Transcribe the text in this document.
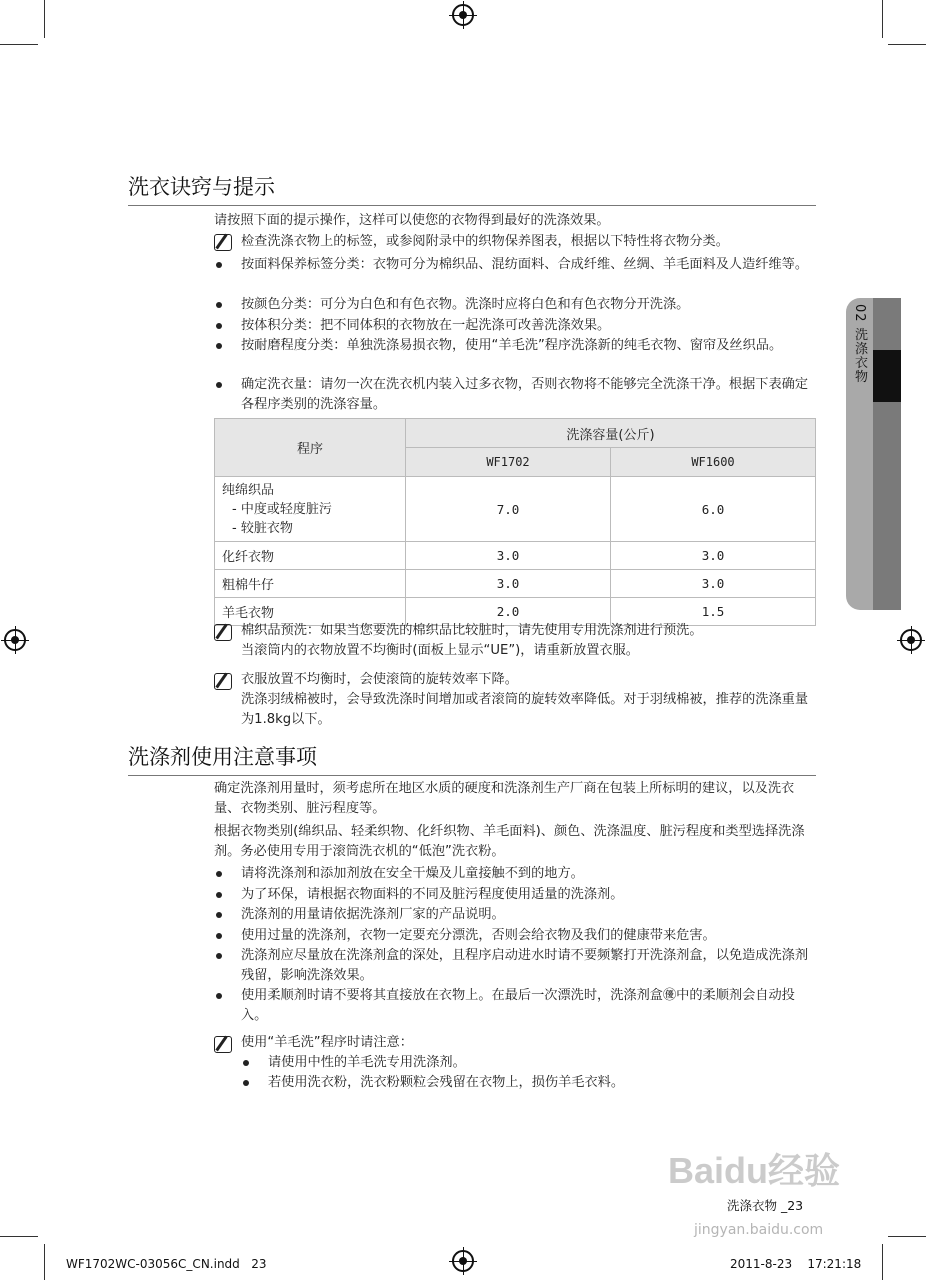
02 洗涤衣物
洗衣诀窍与提示
请按照下面的提示操作，这样可以使您的衣物得到最好的洗涤效果。
检查洗涤衣物上的标签，或参阅附录中的织物保养图表，根据以下特性将衣物分类。
按面料保养标签分类：衣物可分为棉织品、混纺面料、合成纤维、丝绸、羊毛面料及人造纤维等。
按颜色分类：可分为白色和有色衣物。洗涤时应将白色和有色衣物分开洗涤。
按体积分类：把不同体积的衣物放在一起洗涤可改善洗涤效果。
按耐磨程度分类：单独洗涤易损衣物，使用“羊毛洗”程序洗涤新的纯毛衣物、窗帘及丝织品。
确定洗衣量：请勿一次在洗衣机内装入过多衣物，否则衣物将不能够完全洗涤干净。根据下表确定各程序类别的洗涤容量。
程序	洗涤容量(公斤)	
	WF1702	WF1600

纯绵织品
- 中度或轻度脏污
- 较脏衣物	7.0	6.0
化纤衣物	3.0	3.0
粗棉牛仔	3.0	3.0
羊毛衣物	2.0	1.5
棉织品预洗：如果当您要洗的棉织品比较脏时，请先使用专用洗涤剂进行预洗。
当滚筒内的衣物放置不均衡时(面板上显示“UE”)，请重新放置衣服。
衣服放置不均衡时，会使滚筒的旋转效率下降。
洗涤羽绒棉被时，会导致洗涤时间增加或者滚筒的旋转效率降低。对于羽绒棉被，推荐的洗涤重量为1.8kg以下。
洗涤剂使用注意事项
确定洗涤剂用量时，须考虑所在地区水质的硬度和洗涤剂生产厂商在包装上所标明的建议，以及洗衣量、衣物类别、脏污程度等。
根据衣物类别(绵织品、轻柔织物、化纤织物、羊毛面料)、颜色、洗涤温度、脏污程度和类型选择洗涤剂。务必使用专用于滚筒洗衣机的“低泡”洗衣粉。
请将洗涤剂和添加剂放在安全干燥及儿童接触不到的地方。
为了环保，请根据衣物面料的不同及脏污程度使用适量的洗涤剂。
洗涤剂的用量请依据洗涤剂厂家的产品说明。
使用过量的洗涤剂，衣物一定要充分漂洗，否则会给衣物及我们的健康带来危害。
洗涤剂应尽量放在洗涤剂盒的深处，且程序启动进水时请不要频繁打开洗涤剂盒，以免造成洗涤剂残留，影响洗涤效果。
使用柔顺剂时请不要将其直接放在衣物上。在最后一次漂洗时，洗涤剂盒㊝中的柔顺剂会自动投入。
使用“羊毛洗”程序时请注意：
请使用中性的羊毛洗专用洗涤剂。
若使用洗衣粉，洗衣粉颗粒会残留在衣物上，损伤羊毛衣料。
Baidu经验
jingyan.baidu.com
洗涤衣物 _23
WF1702WC-03056C_CN.indd   23	2011-8-23    17:21:18
